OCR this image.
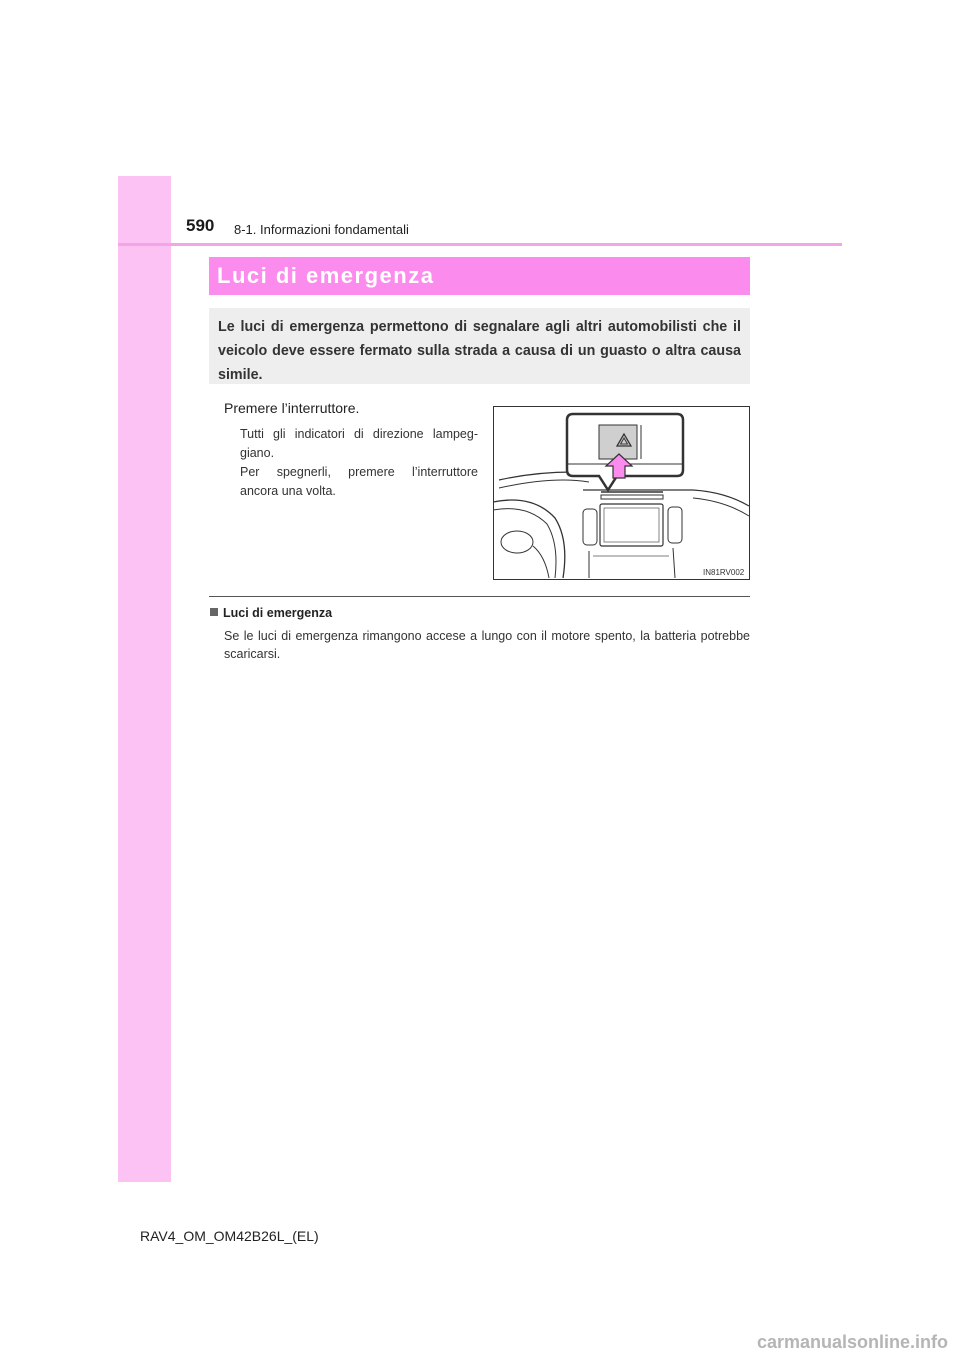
590 8-1. Informazioni fondamentali
Luci di emergenza
Le luci di emergenza permettono di segnalare agli altri automobilisti che il veicolo deve essere fermato sulla strada a causa di un guasto o altra causa simile.
Premere l’interruttore.
Tutti gli indicatori di direzione lampeg-giano.
Per spegnerli, premere l’interruttore ancora una volta.
IN81RV002
Luci di emergenza
Se le luci di emergenza rimangono accese a lungo con il motore spento, la batteria potrebbe scaricarsi.
RAV4_OM_OM42B26L_(EL)
carmanualsonline.info
